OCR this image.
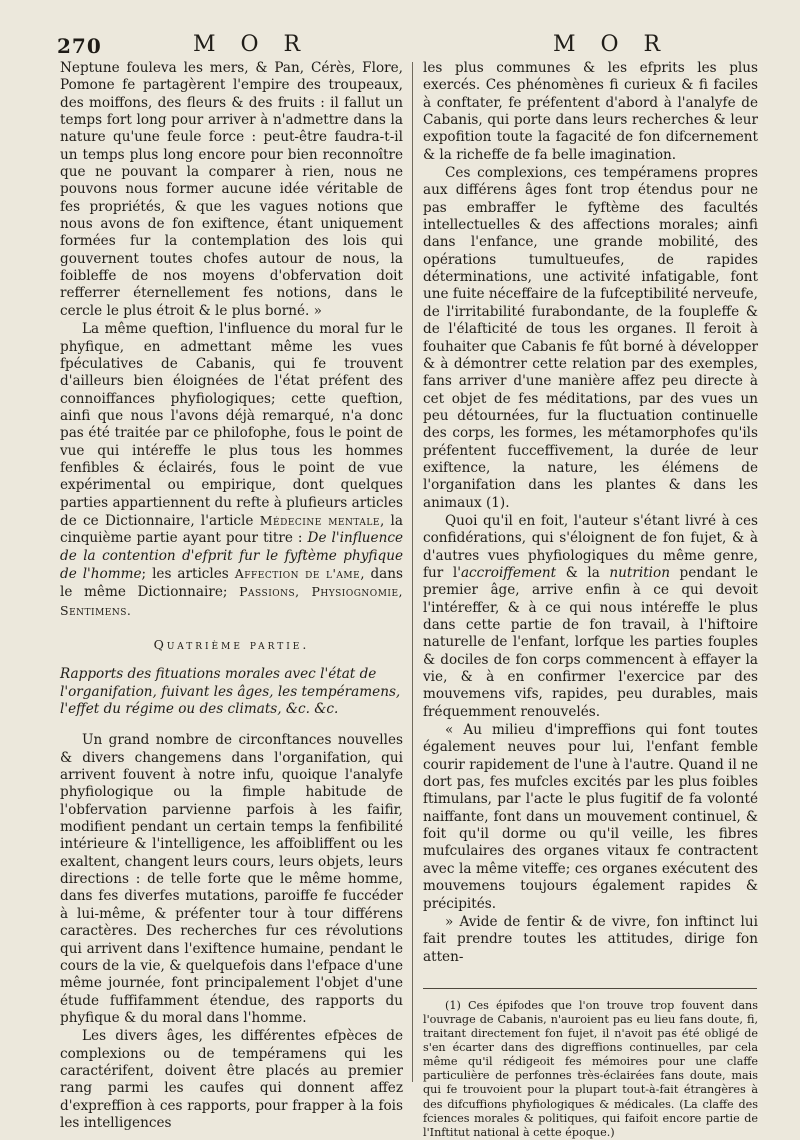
270	M O R	M O R

Neptune fouleva les mers, & Pan, Cérès, Flore, Pomone fe partagèrent l'empire des troupeaux, des moiffons, des fleurs & des fruits : il fallut un temps fort long pour arriver à n'admettre dans la nature qu'une feule force : peut-être faudra-t-il un temps plus long encore pour bien reconnoître que ne pouvant la comparer à rien, nous ne pouvons nous former aucune idée véritable de fes propriétés, & que les vagues notions que nous avons de fon exiftence, étant uniquement formées fur la contemplation des lois qui gouvernent toutes chofes autour de nous, la foibleffe de nos moyens d'obfervation doit refferrer éternellement fes notions, dans le cercle le plus étroit & le plus borné. »

La même queftion, l'influence du moral fur le phyfique, en admettant même les vues fpéculatives de Cabanis, qui fe trouvent d'ailleurs bien éloignées de l'état préfent des connoiffances phyfiologiques; cette queftion, ainfi que nous l'avons déjà remarqué, n'a donc pas été traitée par ce philofophe, fous le point de vue qui intéreffe le plus tous les hommes fenfibles & éclairés, fous le point de vue expérimental ou empirique, dont quelques parties appartiennent du refte à plufieurs articles de ce Dictionnaire, l'article Médecine mentale, la cinquième partie ayant pour titre : De l'influence de la contention d'efprit fur le fyftème phyfique de l'homme; les articles Affection de l'ame, dans le même Dictionnaire; Passions, Physiognomie, Sentimens.

Quatrième partie.

Rapports des fituations morales avec l'état de l'organifation, fuivant les âges, les tempéramens, l'effet du régime ou des climats, &c. &c.

Un grand nombre de circonftances nouvelles & divers changemens dans l'organifation, qui arrivent fouvent à notre infu, quoique l'analyfe phyfiologique ou la fimple habitude de l'obfervation parvienne parfois à les faifir, modifient pendant un certain temps la fenfibilité intérieure & l'intelligence, les affoibliffent ou les exaltent, changent leurs cours, leurs objets, leurs directions : de telle forte que le même homme, dans fes diverfes mutations, paroiffe fe fuccéder à lui-même, & préfenter tour à tour différens caractères. Des recherches fur ces révolutions qui arrivent dans l'exiftence humaine, pendant le cours de la vie, & quelquefois dans l'efpace d'une même journée, font principalement l'objet d'une étude fuffifamment étendue, des rapports du phyfique & du moral dans l'homme.

Les divers âges, les différentes efpèces de complexions ou de tempéramens qui les caractérifent, doivent être placés au premier rang parmi les caufes qui donnent affez d'expreffion à ces rapports, pour frapper à la fois les intelligences

les plus communes & les efprits les plus exercés. Ces phénomènes fi curieux & fi faciles à conftater, fe préfentent d'abord à l'analyfe de Cabanis, qui porte dans leurs recherches & leur expofition toute la fagacité de fon difcernement & la richeffe de fa belle imagination.

Ces complexions, ces tempéramens propres aux différens âges font trop étendus pour ne pas embraffer le fyftème des facultés intellectuelles & des affections morales; ainfi dans l'enfance, une grande mobilité, des opérations tumultueufes, de rapides déterminations, une activité infatigable, font une fuite néceffaire de la fufceptibilité nerveufe, de l'irritabilité furabondante, de la foupleffe & de l'élafticité de tous les organes. Il feroit à fouhaiter que Cabanis fe fût borné à développer & à démontrer cette relation par des exemples, fans arriver d'une manière affez peu directe à cet objet de fes méditations, par des vues un peu détournées, fur la fluctuation continuelle des corps, les formes, les métamorphofes qu'ils préfentent fucceffivement, la durée de leur exiftence, la nature, les élémens de l'organifation dans les plantes & dans les animaux (1).

Quoi qu'il en foit, l'auteur s'étant livré à ces confidérations, qui s'éloignent de fon fujet, & à d'autres vues phyfiologiques du même genre, fur l'accroiffement & la nutrition pendant le premier âge, arrive enfin à ce qui devoit l'intéreffer, & à ce qui nous intéreffe le plus dans cette partie de fon travail, à l'hiftoire naturelle de l'enfant, lorfque les parties fouples & dociles de fon corps commencent à effayer la vie, & à en confirmer l'exercice par des mouvemens vifs, rapides, peu durables, mais fréquemment renouvelés.

« Au milieu d'impreffions qui font toutes également neuves pour lui, l'enfant femble courir rapidement de l'une à l'autre. Quand il ne dort pas, fes mufcles excités par les plus foibles ftimulans, par l'acte le plus fugitif de fa volonté naiffante, font dans un mouvement continuel, & foit qu'il dorme ou qu'il veille, les fibres mufculaires des organes vitaux fe contractent avec la même viteffe; ces organes exécutent des mouvemens toujours également rapides & précipités.

» Avide de fentir & de vivre, fon inftinct lui fait prendre toutes les attitudes, dirige fon atten-

(1) Ces épifodes que l'on trouve trop fouvent dans l'ouvrage de Cabanis, n'auroient pas eu lieu fans doute, fi, traitant directement fon fujet, il n'avoit pas été obligé de s'en écarter dans des digreffions continuelles, par cela même qu'il rédigeoit fes mémoires pour une claffe particulière de perfonnes très-éclairées fans doute, mais qui fe trouvoient pour la plupart tout-à-fait étrangères à des difcuffions phyfiologiques & médicales. (La claffe des fciences morales & politiques, qui faifoit encore partie de l'Inftitut national à cette époque.)
